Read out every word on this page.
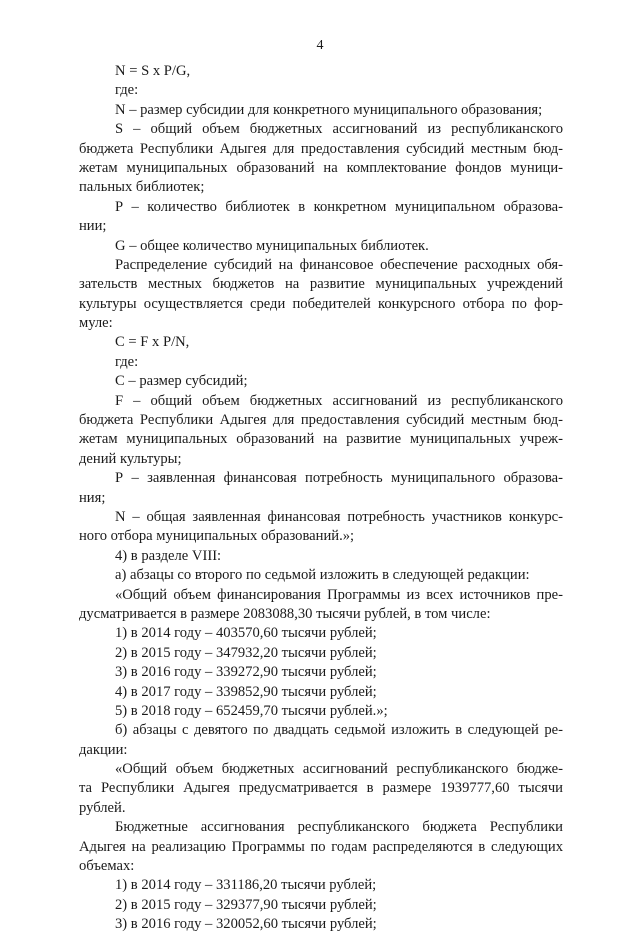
4
N = S x P/G,
где:
N – размер субсидии для конкретного муниципального образования;
S – общий объем бюджетных ассигнований из республиканского
бюджета Республики Адыгея для предоставления субсидий местным бюд-
жетам муниципальных образований на комплектование фондов муници-
пальных библиотек;
Р – количество библиотек в конкретном муниципальном образова-
нии;
G – общее количество муниципальных библиотек.
Распределение субсидий на финансовое обеспечение расходных обя-
зательств местных бюджетов на развитие муниципальных учреждений
культуры осуществляется среди победителей конкурсного отбора по фор-
муле:
C = F x P/N,
где:
С – размер субсидий;
F – общий объем бюджетных ассигнований из республиканского
бюджета Республики Адыгея для предоставления субсидий местным бюд-
жетам муниципальных образований на развитие муниципальных учреж-
дений культуры;
Р – заявленная финансовая потребность муниципального образова-
ния;
N – общая заявленная финансовая потребность участников конкурс-
ного отбора муниципальных образований.»;
4) в разделе VIII:
а) абзацы со второго по седьмой изложить в следующей редакции:
«Общий объем финансирования Программы из всех источников пре-
дусматривается в размере 2083088,30 тысячи рублей, в том числе:
1) в 2014 году – 403570,60 тысячи рублей;
2) в 2015 году – 347932,20 тысячи рублей;
3) в 2016 году – 339272,90 тысячи рублей;
4) в 2017 году – 339852,90 тысячи рублей;
5) в 2018 году – 652459,70 тысячи рублей.»;
б) абзацы с девятого по двадцать седьмой изложить в следующей ре-
дакции:
«Общий объем бюджетных ассигнований республиканского бюдже-
та Республики Адыгея предусматривается в размере 1939777,60 тысячи
рублей.
Бюджетные ассигнования республиканского бюджета Республики
Адыгея на реализацию Программы по годам распределяются в следующих
объемах:
1) в 2014 году – 331186,20 тысячи рублей;
2) в 2015 году – 329377,90 тысячи рублей;
3) в 2016 году – 320052,60 тысячи рублей;
